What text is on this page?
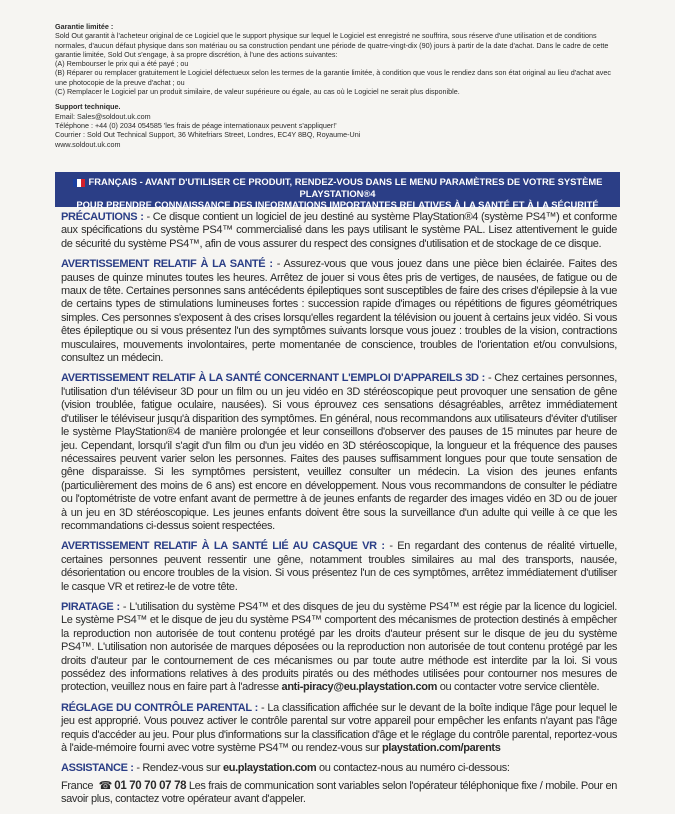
Garantie limitée :

Sold Out garantit à l'acheteur original de ce Logiciel que le support physique sur lequel le Logiciel est enregistré ne souffrira, sous réserve d'une utilisation et de conditions normales, d'aucun défaut physique dans son matériau ou sa construction pendant une période de quatre-vingt-dix (90) jours à partir de la date d'achat. Dans le cadre de cette garantie limitée, Sold Out s'engage, à sa propre discrétion, à l'une des actions suivantes:

(A) Rembourser le prix qui a été payé ; ou

(B) Réparer ou remplacer gratuitement le Logiciel défectueux selon les termes de la garantie limitée, à condition que vous le rendiez dans son état original au lieu d'achat avec une photocopie de la preuve d'achat ; ou

(C) Remplacer le Logiciel par un produit similaire, de valeur supérieure ou égale, au cas où le Logiciel ne serait plus disponible.

Support technique.

Email: Sales@soldout.uk.com

Téléphone : +44 (0) 2034 054585 'les frais de péage internationaux peuvent s'appliquer!'

Courrier : Sold Out Technical Support, 36 Whitefriars Street, Londres, EC4Y 8BQ, Royaume-Uni

www.soldout.uk.com

FRANÇAIS - AVANT D'UTILISER CE PRODUIT, RENDEZ-VOUS DANS LE MENU PARAMÈTRES DE VOTRE SYSTÈME PLAYSTATION®4
POUR PRENDRE CONNAISSANCE DES INFORMATIONS IMPORTANTES RELATIVES À LA SANTÉ ET À LA SÉCURITÉ

PRÉCAUTIONS : - Ce disque contient un logiciel de jeu destiné au système PlayStation®4 (système PS4™) et conforme aux spécifications du système PS4™ commercialisé dans les pays utilisant le système PAL. Lisez attentivement le guide de sécurité du système PS4™, afin de vous assurer du respect des consignes d'utilisation et de stockage de ce disque.

AVERTISSEMENT RELATIF À LA SANTÉ : - Assurez-vous que vous jouez dans une pièce bien éclairée. Faites des pauses de quinze minutes toutes les heures. Arrêtez de jouer si vous êtes pris de vertiges, de nausées, de fatigue ou de maux de tête. Certaines personnes sans antécédents épileptiques sont susceptibles de faire des crises d'épilepsie à la vue de certains types de stimulations lumineuses fortes : succession rapide d'images ou répétitions de figures géométriques simples. Ces personnes s'exposent à des crises lorsqu'elles regardent la télévision ou jouent à certains jeux vidéo. Si vous êtes épileptique ou si vous présentez l'un des symptômes suivants lorsque vous jouez : troubles de la vision, contractions musculaires, mouvements involontaires, perte momentanée de conscience, troubles de l'orientation et/ou convulsions, consultez un médecin.

AVERTISSEMENT RELATIF À LA SANTÉ CONCERNANT L'EMPLOI D'APPAREILS 3D : - Chez certaines personnes, l'utilisation d'un téléviseur 3D pour un film ou un jeu vidéo en 3D stéréoscopique peut provoquer une sensation de gêne (vision troublée, fatigue oculaire, nausées). Si vous éprouvez ces sensations désagréables, arrêtez immédiatement d'utiliser le téléviseur jusqu'à disparition des symptômes. En général, nous recommandons aux utilisateurs d'éviter d'utiliser le système PlayStation®4 de manière prolongée et leur conseillons d'observer des pauses de 15 minutes par heure de jeu. Cependant, lorsqu'il s'agit d'un film ou d'un jeu vidéo en 3D stéréoscopique, la longueur et la fréquence des pauses nécessaires peuvent varier selon les personnes. Faites des pauses suffisamment longues pour que toute sensation de gêne disparaisse. Si les symptômes persistent, veuillez consulter un médecin. La vision des jeunes enfants (particulièrement des moins de 6 ans) est encore en développement. Nous vous recommandons de consulter le pédiatre ou l'optométriste de votre enfant avant de permettre à de jeunes enfants de regarder des images vidéo en 3D ou de jouer à un jeu en 3D stéréoscopique. Les jeunes enfants doivent être sous la surveillance d'un adulte qui veille à ce que les recommandations ci-dessus soient respectées.

AVERTISSEMENT RELATIF À LA SANTÉ LIÉ AU CASQUE VR : - En regardant des contenus de réalité virtuelle, certaines personnes peuvent ressentir une gêne, notamment troubles similaires au mal des transports, nausée, désorientation ou encore troubles de la vision. Si vous présentez l'un de ces symptômes, arrêtez immédiatement d'utiliser le casque VR et retirez-le de votre tête.

PIRATAGE : - L'utilisation du système PS4™ et des disques de jeu du système PS4™ est régie par la licence du logiciel. Le système PS4™ et le disque de jeu du système PS4™ comportent des mécanismes de protection destinés à empêcher la reproduction non autorisée de tout contenu protégé par les droits d'auteur présent sur le disque de jeu du système PS4™. L'utilisation non autorisée de marques déposées ou la reproduction non autorisée de tout contenu protégé par les droits d'auteur par le contournement de ces mécanismes ou par toute autre méthode est interdite par la loi. Si vous possédez des informations relatives à des produits piratés ou des méthodes utilisées pour contourner nos mesures de protection, veuillez nous en faire part à l'adresse anti-piracy@eu.playstation.com ou contacter votre service clientèle.

RÉGLAGE DU CONTRÔLE PARENTAL : - La classification affichée sur le devant de la boîte indique l'âge pour lequel le jeu est approprié. Vous pouvez activer le contrôle parental sur votre appareil pour empêcher les enfants n'ayant pas l'âge requis d'accéder au jeu. Pour plus d'informations sur la classification d'âge et le réglage du contrôle parental, reportez-vous à l'aide-mémoire fourni avec votre système PS4™ ou rendez-vous sur playstation.com/parents

ASSISTANCE : - Rendez-vous sur eu.playstation.com ou contactez-nous au numéro ci-dessous:

France ☎ 01 70 70 07 78 Les frais de communication sont variables selon l'opérateur téléphonique fixe / mobile. Pour en savoir plus, contactez votre opérateur avant d'appeler.
